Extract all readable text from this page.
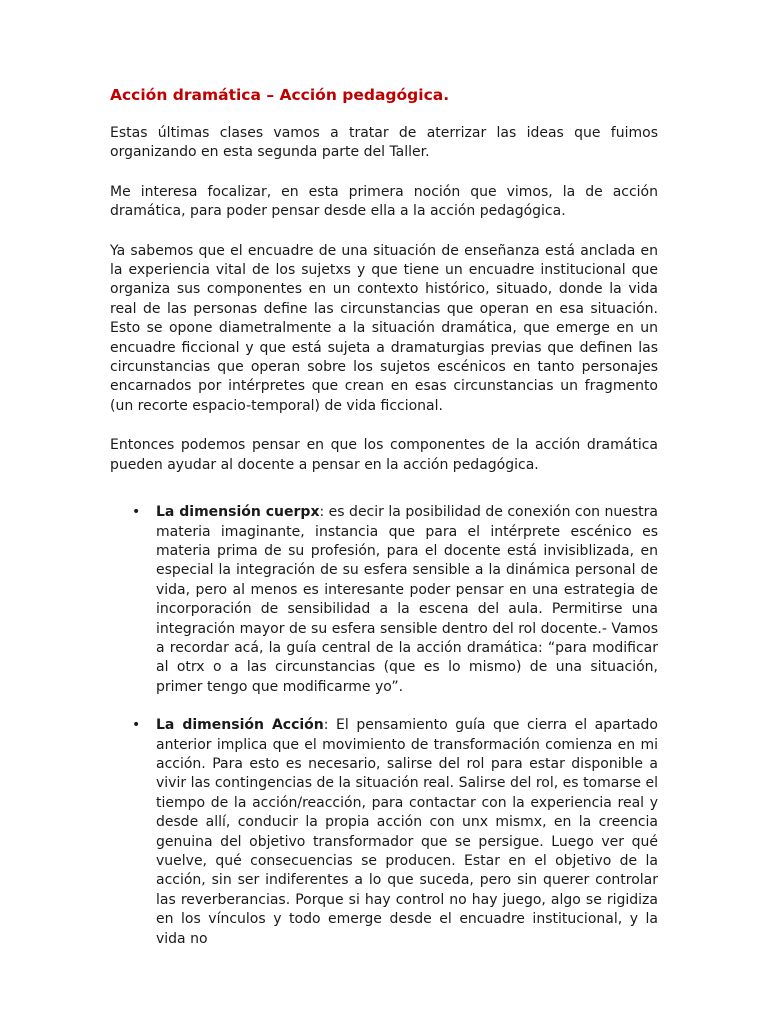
Acción dramática – Acción pedagógica.

Estas últimas clases vamos a tratar de aterrizar las ideas que fuimos organizando en esta segunda parte del Taller.

Me interesa focalizar, en esta primera noción que vimos, la de acción dramática, para poder pensar desde ella a la acción pedagógica.

Ya sabemos que el encuadre de una situación de enseñanza está anclada en la experiencia vital de los sujetxs y que tiene un encuadre institucional que organiza sus componentes en un contexto histórico, situado, donde la vida real de las personas define las circunstancias que operan en esa situación. Esto se opone diametralmente a la situación dramática, que emerge en un encuadre ficcional y que está sujeta a dramaturgias previas que definen las circunstancias que operan sobre los sujetos escénicos en tanto personajes encarnados por intérpretes que crean en esas circunstancias un fragmento (un recorte espacio-temporal) de vida ficcional.

Entonces podemos pensar en que los componentes de la acción dramática pueden ayudar al docente a pensar en la acción pedagógica.

• La dimensión cuerpx: es decir la posibilidad de conexión con nuestra materia imaginante, instancia que para el intérprete escénico es materia prima de su profesión, para el docente está invisiblizada, en especial la integración de su esfera sensible a la dinámica personal de vida, pero al menos es interesante poder pensar en una estrategia de incorporación de sensibilidad a la escena del aula. Permitirse una integración mayor de su esfera sensible dentro del rol docente.- Vamos a recordar acá, la guía central de la acción dramática: “para modificar al otrx o a las circunstancias (que es lo mismo) de una situación, primer tengo que modificarme yo”.
• La dimensión Acción: El pensamiento guía que cierra el apartado anterior implica que el movimiento de transformación comienza en mi acción. Para esto es necesario, salirse del rol para estar disponible a vivir las contingencias de la situación real. Salirse del rol, es tomarse el tiempo de la acción/reacción, para contactar con la experiencia real y desde allí, conducir la propia acción con unx mismx, en la creencia genuina del objetivo transformador que se persigue. Luego ver qué vuelve, qué consecuencias se producen. Estar en el objetivo de la acción, sin ser indiferentes a lo que suceda, pero sin querer controlar las reverberancias. Porque si hay control no hay juego, algo se rigidiza en los vínculos y todo emerge desde el encuadre institucional, y la vida no
